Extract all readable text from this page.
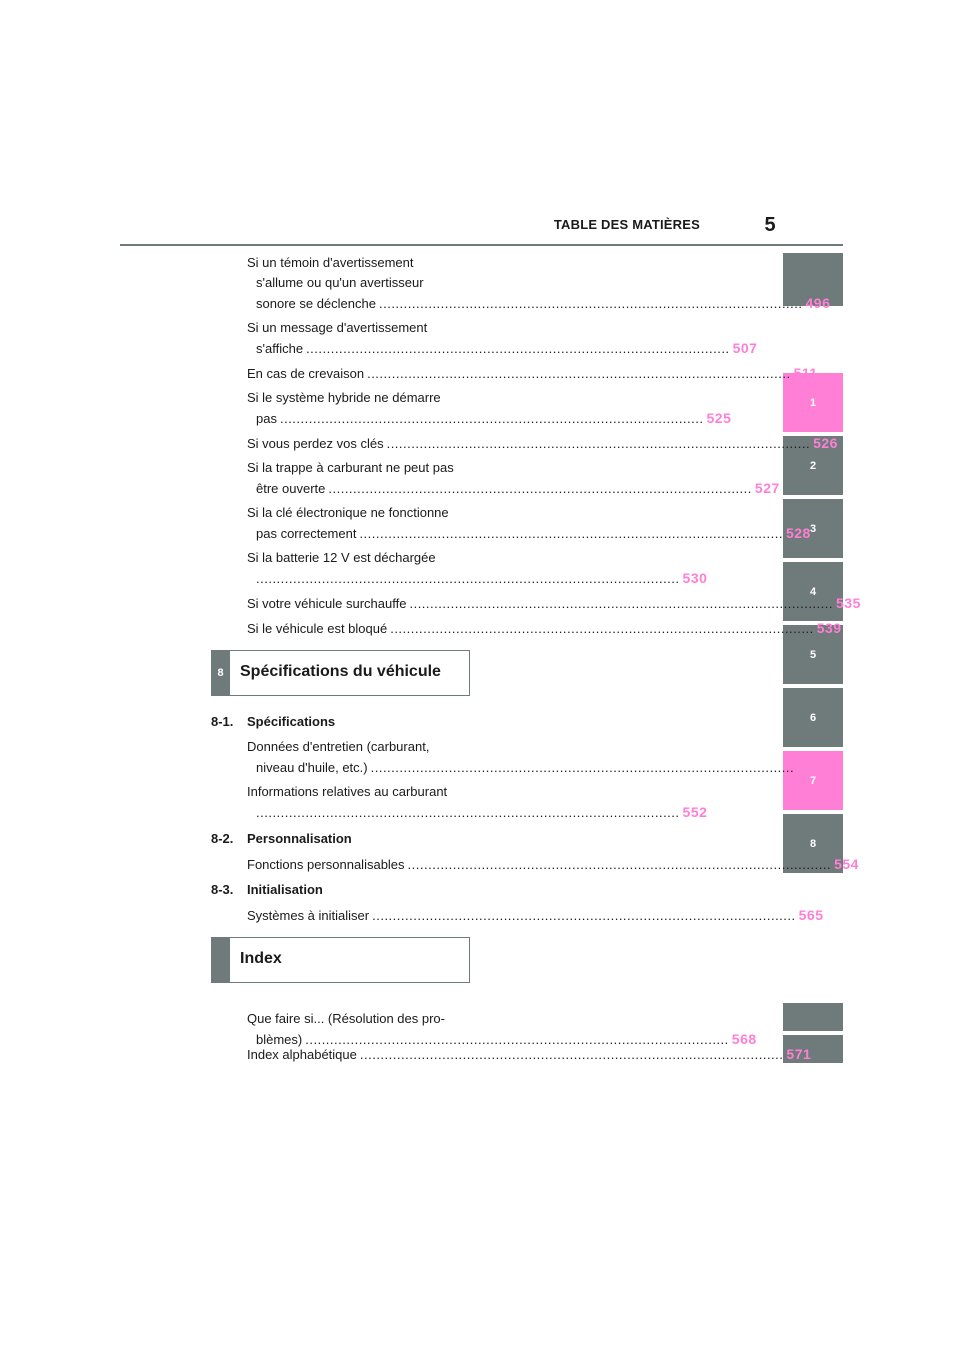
TABLE DES MATIÈRES	5
1
2
3
4
5
6
7
8
Si un témoin d'avertissement
s'allume ou qu'un avertisseur
sonore se déclenche .....	496
Si un message d'avertissement
s'affiche .....	507
En cas de crevaison .....	511
Si le système hybride ne démarre
pas .....	525
Si vous perdez vos clés .....	526
Si la trappe à carburant ne peut pas
être ouverte .....	527
Si la clé électronique ne fonctionne
pas correctement .....	528
Si la batterie 12 V est déchargée
..... 530
Si votre véhicule surchauffe .....	535
Si le véhicule est bloqué .....	539
8	Spécifications du véhicule
8-1. Spécifications
Données d'entretien (carburant,
niveau d'huile, etc.) .....	542
Informations relatives au carburant
..... 552
8-2. Personnalisation
Fonctions personnalisables .....	554
8-3. Initialisation
Systèmes à initialiser .....	565
Index
Que faire si... (Résolution des pro-
blèmes) .....	568
Index alphabétique .....	571
